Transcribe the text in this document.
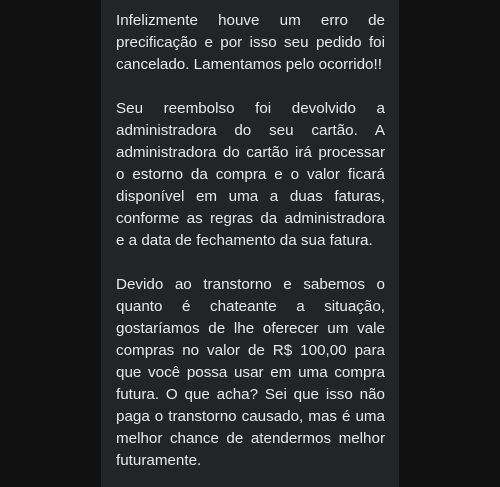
Infelizmente houve um erro de precificação e por isso seu pedido foi cancelado. Lamentamos pelo ocorrido!!

Seu reembolso foi devolvido a administradora do seu cartão. A administradora do cartão irá processar o estorno da compra e o valor ficará disponível em uma a duas faturas, conforme as regras da administradora e a data de fechamento da sua fatura.

Devido ao transtorno e sabemos o quanto é chateante a situação, gostaríamos de lhe oferecer um vale compras no valor de R$ 100,00 para que você possa usar em uma compra futura. O que acha? Sei que isso não paga o transtorno causado, mas é uma melhor chance de atendermos melhor futuramente.
